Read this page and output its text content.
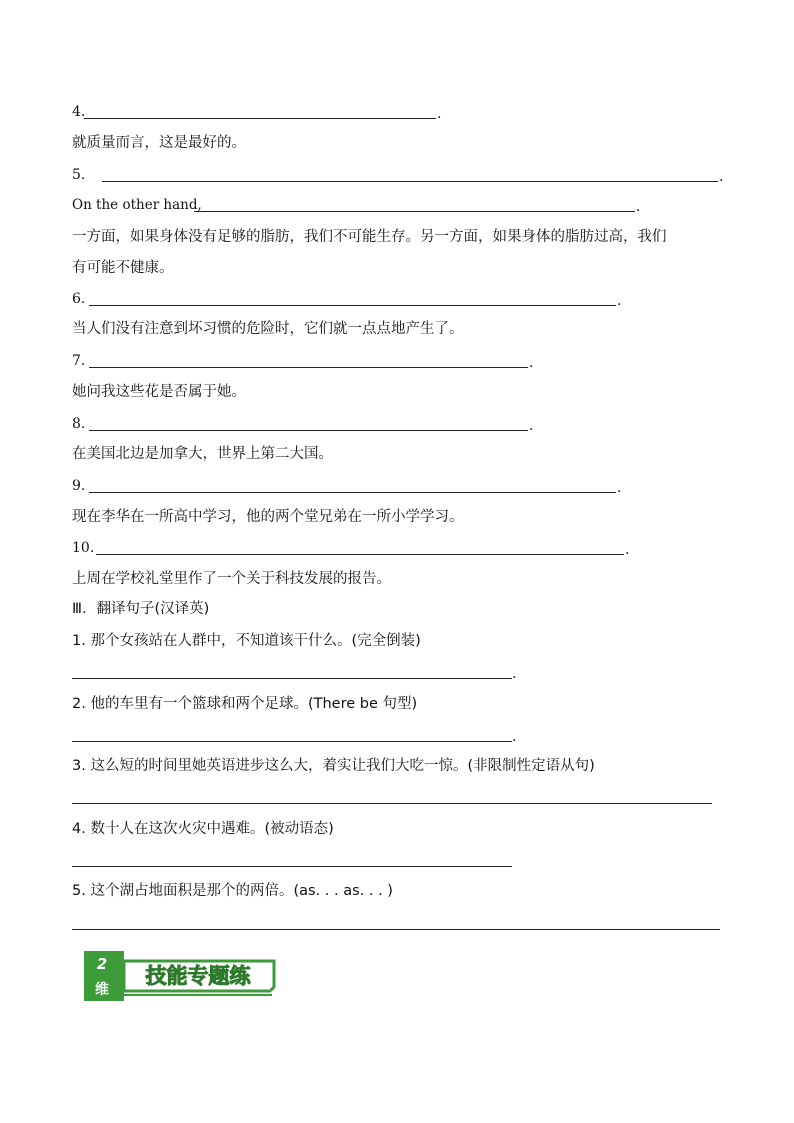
4.	.
就质量而言，这是最好的。
5.	.
On the other hand,	.
一方面，如果身体没有足够的脂肪，我们不可能生存。另一方面，如果身体的脂肪过高，我们
有可能不健康。
6.	.
当人们没有注意到坏习惯的危险时，它们就一点点地产生了。
7.	.
她问我这些花是否属于她。
8.	.
在美国北边是加拿大，世界上第二大国。
9.	.
现在李华在一所高中学习，他的两个堂兄弟在一所小学学习。
10.	.
上周在学校礼堂里作了一个关于科技发展的报告。
Ⅲ．翻译句子(汉译英)
1. 那个女孩站在人群中，不知道该干什么。(完全倒装)
.
2. 他的车里有一个篮球和两个足球。(There be 句型)
.
3. 这么短的时间里她英语进步这么大，着实让我们大吃一惊。(非限制性定语从句)
4. 数十人在这次火灾中遇难。(被动语态)
5. 这个湖占地面积是那个的两倍。(as. . . as. . . )
2
维
技能专题练
